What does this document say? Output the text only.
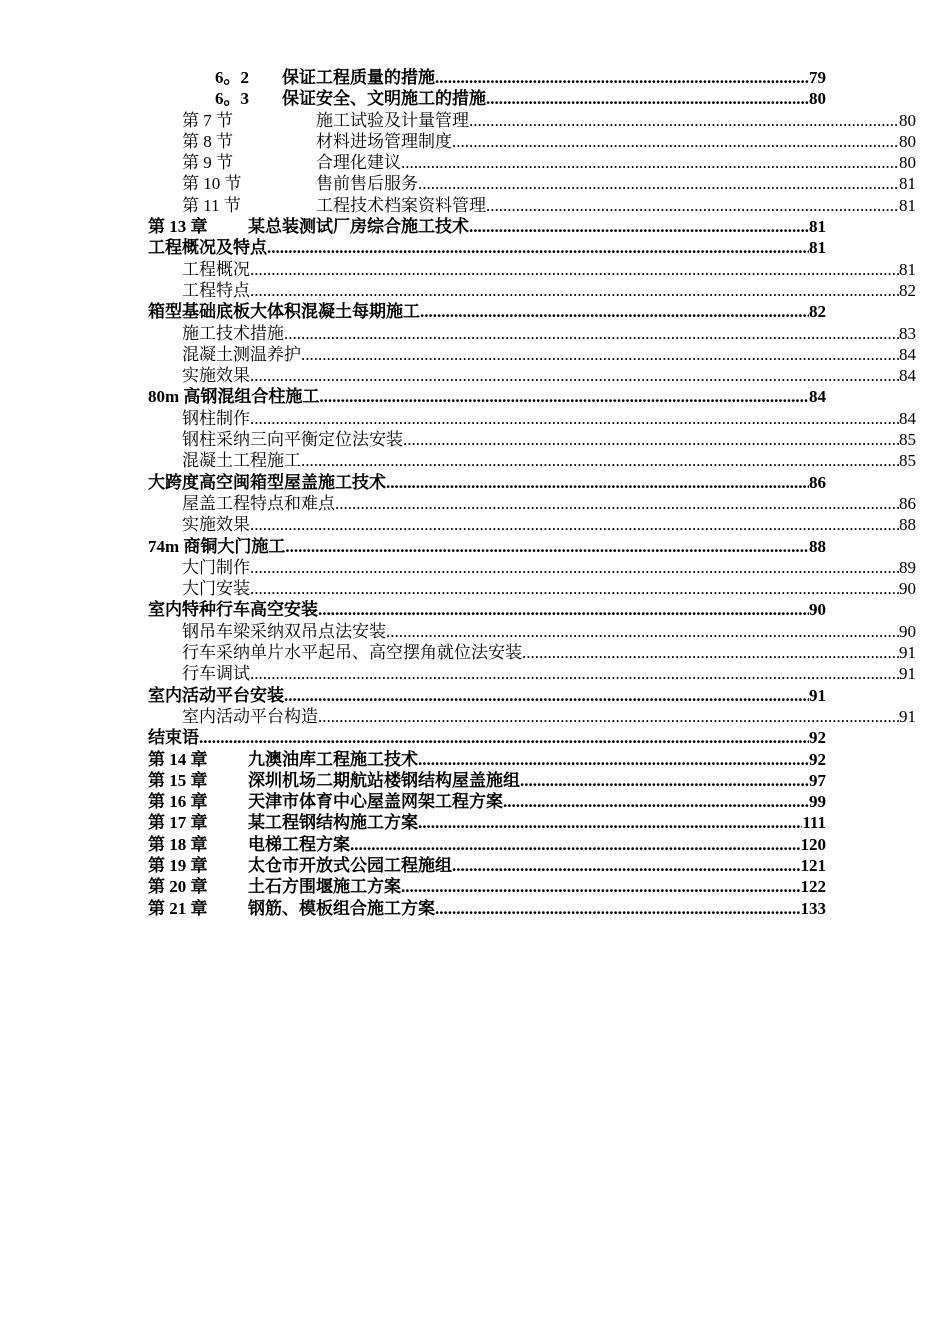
6。2	保证工程质量的措施 .....	79
6。3	保证安全、文明施工的措施 .....	80
第 7 节	施工试验及计量管理 .....	80
第 8 节	材料进场管理制度 .....	80
第 9 节	合理化建议 .....	80
第 10 节	售前售后服务 .....	81
第 11 节	工程技术档案资料管理 .....	81
第 13 章	某总装测试厂房综合施工技术 .....	81
工程概况及特点 .....	81
工程概况 .....	81
工程特点 .....	82
箱型基础底板大体积混凝土每期施工 .....	82
施工技术措施 .....	83
混凝土测温养护 .....	84
实施效果 .....	84
80m 高钢混组合柱施工 .....	84
钢柱制作 .....	84
钢柱采纳三向平衡定位法安装 .....	85
混凝土工程施工 .....	85
大跨度高空闽箱型屋盖施工技术 .....	86
屋盖工程特点和难点 .....	86
实施效果 .....	88
74m 商铜大门施工 .....	88
大门制作 .....	89
大门安装 .....	90
室内特种行车高空安装 .....	90
钢吊车梁采纳双吊点法安装 .....	90
行车采纳单片水平起吊、高空摆角就位法安装 .....	91
行车调试 .....	91
室内活动平台安装 .....	91
室内活动平台构造 .....	91
结束语 .....	92
第 14 章	九澳油库工程施工技术 .....	92
第 15 章	深圳机场二期航站楼钢结构屋盖施组 .....	97
第 16 章	天津市体育中心屋盖网架工程方案 .....	99
第 17 章	某工程钢结构施工方案 .....	111
第 18 章	电梯工程方案 .....	120
第 19 章	太仓市开放式公园工程施组 .....	121
第 20 章	土石方围堰施工方案 .....	122
第 21 章	钢筋、模板组合施工方案 .....	133
